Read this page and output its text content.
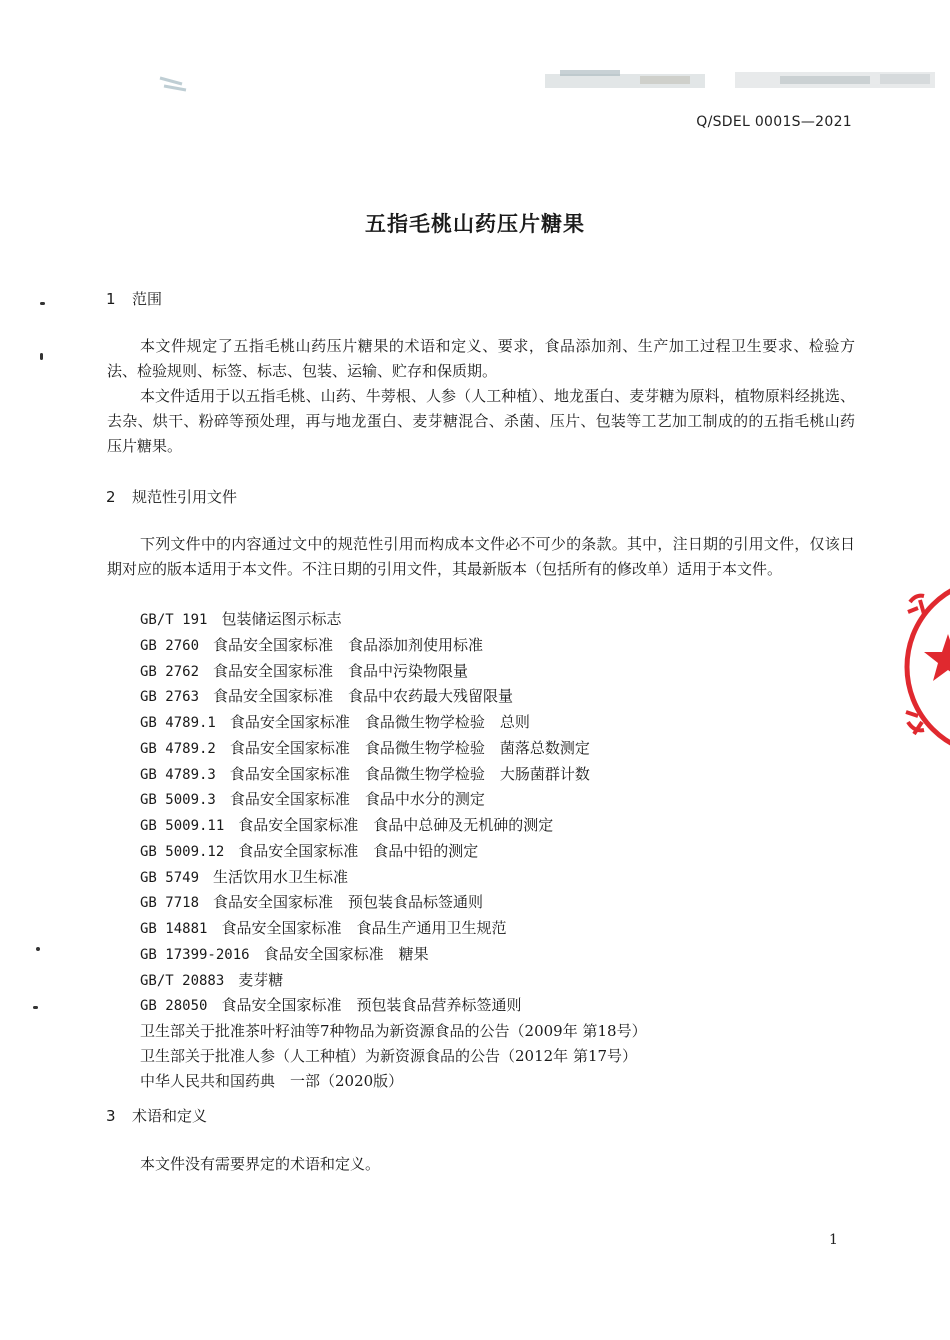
Q/SDEL 0001S—2021
五指毛桃山药压片糖果
1 范围

本文件规定了五指毛桃山药压片糖果的术语和定义、要求，食品添加剂、生产加工过程卫生要求、检验方法、检验规则、标签、标志、包装、运输、贮存和保质期。

本文件适用于以五指毛桃、山药、牛蒡根、人参（人工种植）、地龙蛋白、麦芽糖为原料，植物原料经挑选、去杂、烘干、粉碎等预处理，再与地龙蛋白、麦芽糖混合、杀菌、压片、包装等工艺加工制成的的五指毛桃山药压片糖果。

2 规范性引用文件

下列文件中的内容通过文中的规范性引用而构成本文件必不可少的条款。其中，注日期的引用文件，仅该日期对应的版本适用于本文件。不注日期的引用文件，其最新版本（包括所有的修改单）适用于本文件。

GB/T 191 包装储运图示标志
GB 2760 食品安全国家标准　食品添加剂使用标准
GB 2762 食品安全国家标准　食品中污染物限量
GB 2763 食品安全国家标准　食品中农药最大残留限量
GB 4789.1 食品安全国家标准　食品微生物学检验　总则
GB 4789.2 食品安全国家标准　食品微生物学检验　菌落总数测定
GB 4789.3 食品安全国家标准　食品微生物学检验　大肠菌群计数
GB 5009.3 食品安全国家标准　食品中水分的测定
GB 5009.11 食品安全国家标准　食品中总砷及无机砷的测定
GB 5009.12 食品安全国家标准　食品中铅的测定
GB 5749 生活饮用水卫生标准
GB 7718 食品安全国家标准　预包装食品标签通则
GB 14881 食品安全国家标准　食品生产通用卫生规范
GB 17399-2016 食品安全国家标准　糖果
GB/T 20883 麦芽糖
GB 28050 食品安全国家标准　预包装食品营养标签通则
卫生部关于批准茶叶籽油等7种物品为新资源食品的公告（2009年 第18号）
卫生部关于批准人参（人工种植）为新资源食品的公告（2012年 第17号）
中华人民共和国药典　一部（2020版）
3 术语和定义

本文件没有需要界定的术语和定义。

1
